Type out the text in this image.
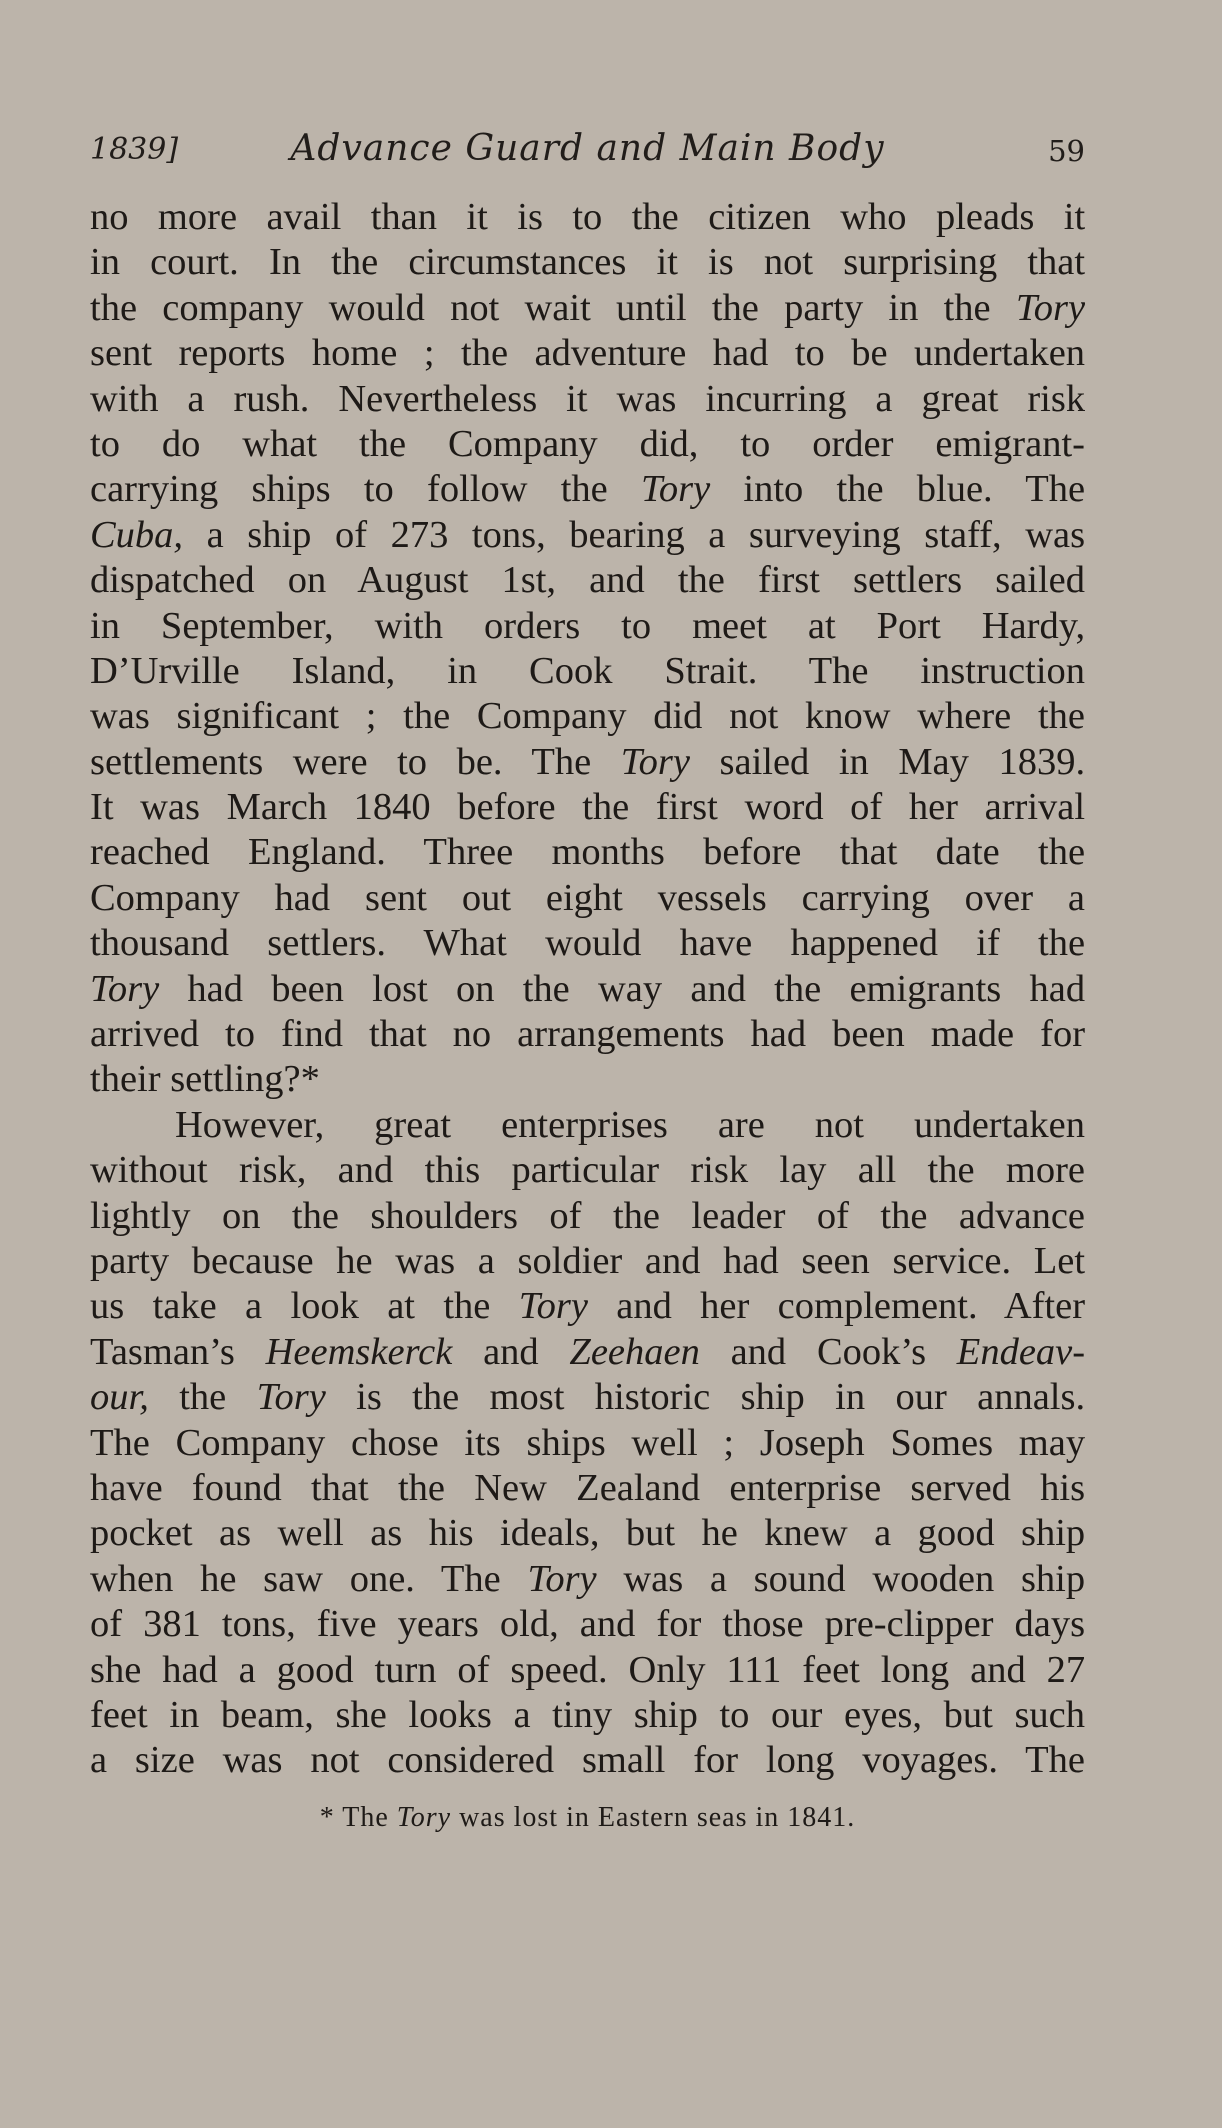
1839]	Advance Guard and Main Body	59
no more avail than it is to the citizen who pleads it
in court. In the circumstances it is not surprising that
the company would not wait until the party in the Tory
sent reports home ; the adventure had to be undertaken
with a rush. Nevertheless it was incurring a great risk
to do what the Company did, to order emigrant-
carrying ships to follow the Tory into the blue. The
Cuba, a ship of 273 tons, bearing a surveying staff, was
dispatched on August 1st, and the first settlers sailed
in September, with orders to meet at Port Hardy,
D’Urville Island, in Cook Strait. The instruction
was significant ; the Company did not know where the
settlements were to be. The Tory sailed in May 1839.
It was March 1840 before the first word of her arrival
reached England. Three months before that date the
Company had sent out eight vessels carrying over a
thousand settlers. What would have happened if the
Tory had been lost on the way and the emigrants had
arrived to find that no arrangements had been made for
their settling?*
However, great enterprises are not undertaken
without risk, and this particular risk lay all the more
lightly on the shoulders of the leader of the advance
party because he was a soldier and had seen service. Let
us take a look at the Tory and her complement. After
Tasman’s Heemskerck and Zeehaen and Cook’s Endeav-
our, the Tory is the most historic ship in our annals.
The Company chose its ships well ; Joseph Somes may
have found that the New Zealand enterprise served his
pocket as well as his ideals, but he knew a good ship
when he saw one. The Tory was a sound wooden ship
of 381 tons, five years old, and for those pre-clipper days
she had a good turn of speed. Only 111 feet long and 27
feet in beam, she looks a tiny ship to our eyes, but such
a size was not considered small for long voyages. The
* The Tory was lost in Eastern seas in 1841.
